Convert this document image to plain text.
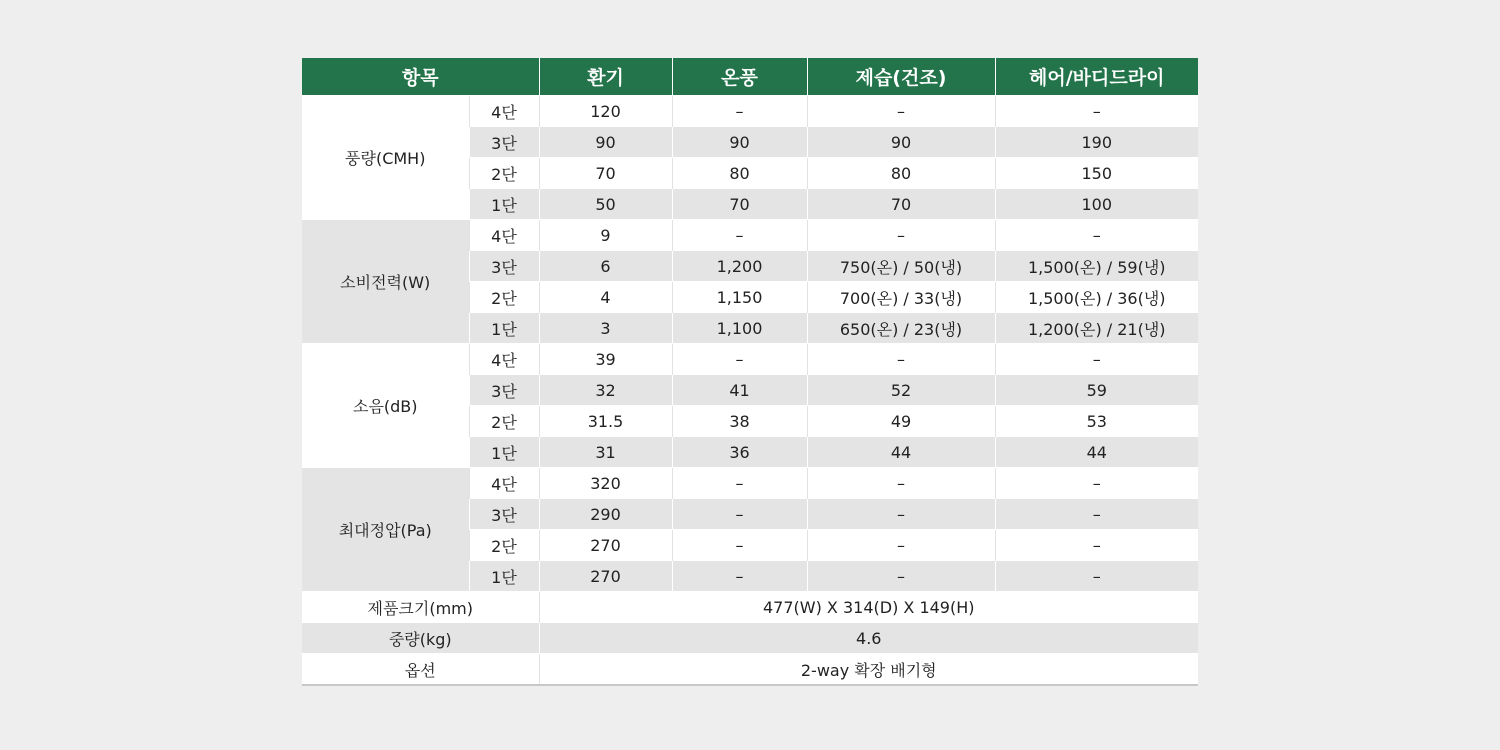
항목		환기	온풍	제습(건조)	헤어/바디드라이
풍량(CMH)	4단	120	–	–	–
	3단	90	90	90	190
	2단	70	80	80	150
	1단	50	70	70	100
소비전력(W)	4단	9	–	–	–
	3단	6	1,200	750(온) / 50(냉)	1,500(온) / 59(냉)
	2단	4	1,150	700(온) / 33(냉)	1,500(온) / 36(냉)
	1단	3	1,100	650(온) / 23(냉)	1,200(온) / 21(냉)
소음(dB)	4단	39	–	–	–
	3단	32	41	52	59
	2단	31.5	38	49	53
	1단	31	36	44	44
최대정압(Pa)	4단	320	–	–	–
	3단	290	–	–	–
	2단	270	–	–	–
	1단	270	–	–	–
제품크기(mm)		477(W) X 314(D) X 149(H)			
중량(kg)		4.6			
옵션		2-way 확장 배기형			
